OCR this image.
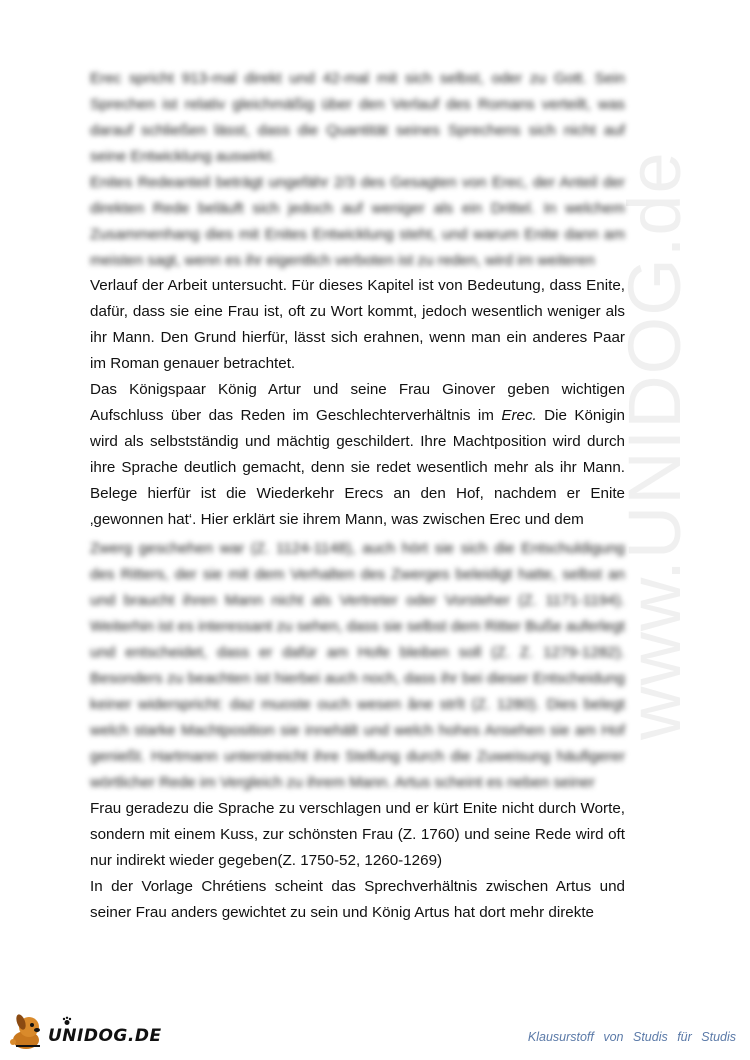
www.UNIDOG.de

Erec spricht 913-mal direkt und 42-mal mit sich selbst, oder zu Gott. Sein Sprechen ist relativ gleichmäßig über den Verlauf des Romans verteilt, was darauf schließen lässt, dass die Quantität seines Sprechens sich nicht auf seine Entwicklung auswirkt.

Enites Redeanteil beträgt ungefähr 2/3 des Gesagten von Erec, der Anteil der direkten Rede beläuft sich jedoch auf weniger als ein Drittel. In welchem Zusammenhang dies mit Enites Entwicklung steht, und warum Enite dann am meisten sagt, wenn es ihr eigentlich verboten ist zu reden, wird im weiteren

Verlauf der Arbeit untersucht. Für dieses Kapitel ist von Bedeutung, dass Enite, dafür, dass sie eine Frau ist, oft zu Wort kommt, jedoch wesentlich weniger als ihr Mann. Den Grund hierfür, lässt sich erahnen, wenn man ein anderes Paar im Roman genauer betrachtet.

Das Königspaar König Artur und seine Frau Ginover geben wichtigen Aufschluss über das Reden im Geschlechterverhältnis im Erec. Die Königin wird als selbstständig und mächtig geschildert. Ihre Machtposition wird durch ihre Sprache deutlich gemacht, denn sie redet wesentlich mehr als ihr Mann. Belege hierfür ist die Wiederkehr Erecs an den Hof, nachdem er Enite ‚gewonnen hat‘. Hier erklärt sie ihrem Mann, was zwischen Erec und dem

Zwerg geschehen war (Z. 1124-1148), auch hört sie sich die Entschuldigung des Ritters, der sie mit dem Verhalten des Zwerges beleidigt hatte, selbst an und braucht ihren Mann nicht als Vertreter oder Vorsteher (Z. 1171-1194). Weiterhin ist es interessant zu sehen, dass sie selbst dem Ritter Buße auferlegt und entscheidet, dass er dafür am Hofe bleiben soll (Z. Z. 1279-1282). Besonders zu beachten ist hierbei auch noch, dass ihr bei dieser Entscheidung keiner widerspricht: daz muoste ouch wesen âne strît (Z. 1280). Dies belegt welch starke Machtposition sie innehält und welch hohes Ansehen sie am Hof genießt. Hartmann unterstreicht ihre Stellung durch die Zuweisung häufigerer wörtlicher Rede im Vergleich zu ihrem Mann. Artus scheint es neben seiner

Frau geradezu die Sprache zu verschlagen und er kürt Enite nicht durch Worte, sondern mit einem Kuss, zur schönsten Frau (Z. 1760) und seine Rede wird oft nur indirekt wieder gegeben(Z. 1750-52, 1260-1269)

In der Vorlage Chrétiens scheint das Sprechverhältnis zwischen Artus und seiner Frau anders gewichtet zu sein und König Artus hat dort mehr direkte

UNIDOG.DE	Klausurstoff von Studis für Studis
